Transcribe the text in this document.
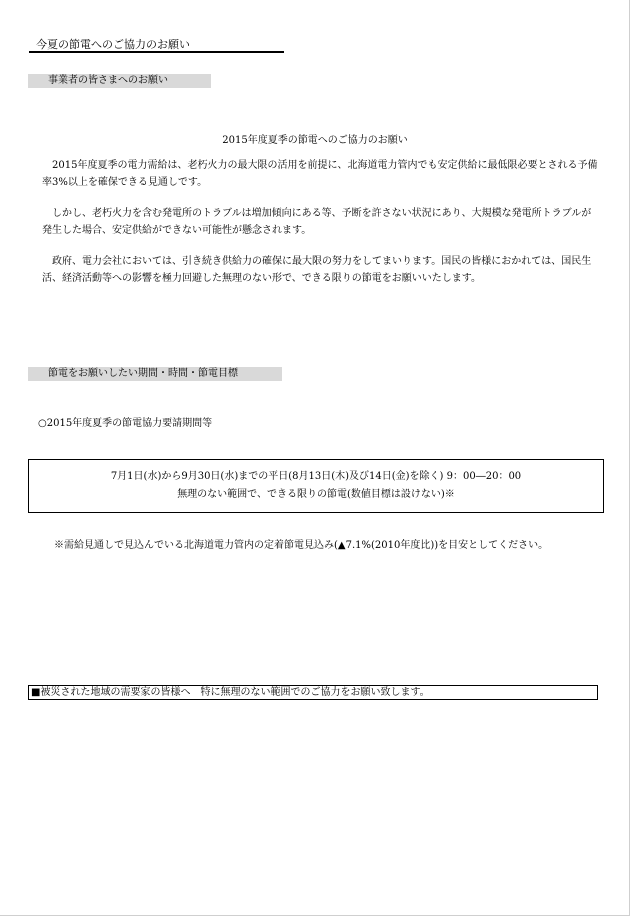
今夏の節電へのご協力のお願い
事業者の皆さまへのお願い
2015年度夏季の節電へのご協力のお願い
2015年度夏季の電力需給は、老朽火力の最大限の活用を前提に、北海道電力管内でも安定供給に最低限必要とされる予備
率3%以上を確保できる見通しです。
しかし、老朽火力を含む発電所のトラブルは増加傾向にある等、予断を許さない状況にあり、大規模な発電所トラブルが
発生した場合、安定供給ができない可能性が懸念されます。
政府、電力会社においては、引き続き供給力の確保に最大限の努力をしてまいります。国民の皆様におかれては、国民生
活、経済活動等への影響を極力回避した無理のない形で、できる限りの節電をお願いいたします。
節電をお願いしたい期間・時間・節電目標
○2015年度夏季の節電協力要請期間等
7月1日(水)から9月30日(水)までの平日(8月13日(木)及び14日(金)を除く) 9：00―20：00
無理のない範囲で、できる限りの節電(数値目標は設けない)※
※需給見通しで見込んでいる北海道電力管内の定着節電見込み(▲7.1%(2010年度比))を目安としてください。
■被災された地域の需要家の皆様へ　特に無理のない範囲でのご協力をお願い致します。
